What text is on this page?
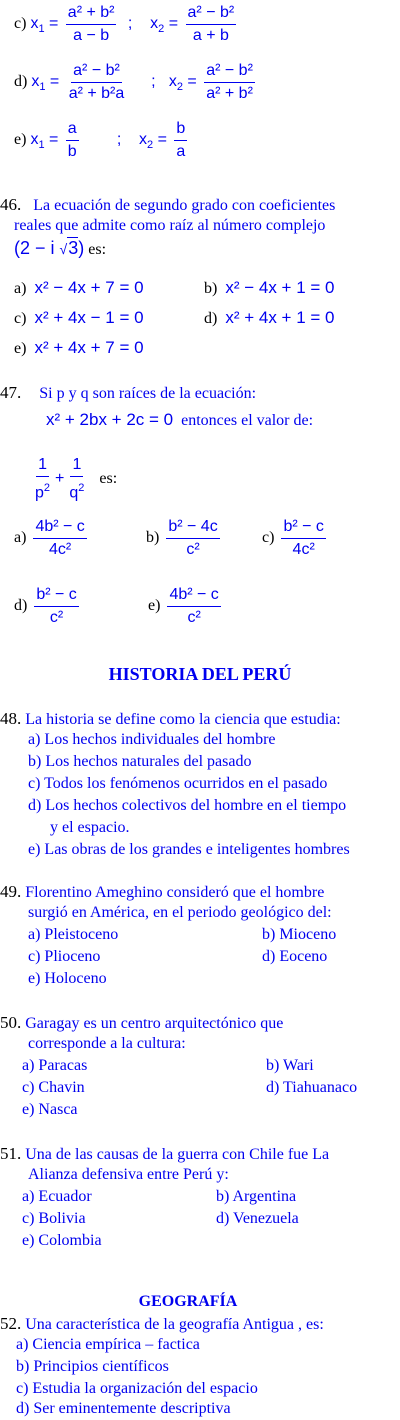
c) $x_1 = \frac{\text{a² + b²}}{a - b}$ ;    $x_2 = \frac{\text{a² − b²}}{a + b}$
d) $x_1 = \frac{\text{a² − b²}}{\text{a² + b²a}}$ ;   $x_2 = \frac{\text{a² − b²}}{\text{a² + b²}}$
e) $x_1 = \frac{a}{b}$ ;    $x_2 = \frac{b}{a}$
46. La ecuación de segundo grado con coeficientes
reales que admite como raíz al número complejo
(2 − i √3) es:
a) x² − 4x + 7 = 0	b) x² − 4x + 1 = 0
c) x² + 4x − 1 = 0	d) x² + 4x + 1 = 0
e) x² + 4x + 7 = 0
47. Si p y q son raíces de la ecuación:
x² + 2bx + 2c = 0 entonces el valor de:
$\frac{1}{p^2} + \frac{1}{q^2}$ es:
$a) \frac{\text{4b² − c}}{\text{4c²}}$	$b) \frac{\text{b² − 4c}}{\text{c²}}$	$c) \frac{\text{b² − c}}{\text{4c²}}$
$d) \frac{\text{b² − c}}{\text{c²}}$	$e) \frac{\text{4b² − c}}{\text{c²}}$
HISTORIA DEL PERÚ
48. La historia se define como la ciencia que estudia:
a) Los hechos individuales del hombre
b) Los hechos naturales del pasado
c) Todos los fenómenos ocurridos en el pasado
d) Los hechos colectivos del hombre en el tiempo
y el espacio.
e) Las obras de los grandes e inteligentes hombres
49. Florentino Ameghino consideró que el hombre
surgió en América, en el periodo geológico del:
a) Pleistoceno	b) Mioceno
c) Plioceno	d) Eoceno
e) Holoceno
50. Garagay es un centro arquitectónico que
corresponde a la cultura:
a) Paracas	b) Wari
c) Chavin	d) Tiahuanaco
e) Nasca
51. Una de las causas de la guerra con Chile fue La
Alianza defensiva entre Perú y:
a) Ecuador	b) Argentina
c) Bolivia	d) Venezuela
e) Colombia
GEOGRAFÍA
52. Una característica de la geografía Antigua , es:
a) Ciencia empírica – factica
b) Principios científicos
c) Estudia la organización del espacio
d) Ser eminentemente descriptiva
